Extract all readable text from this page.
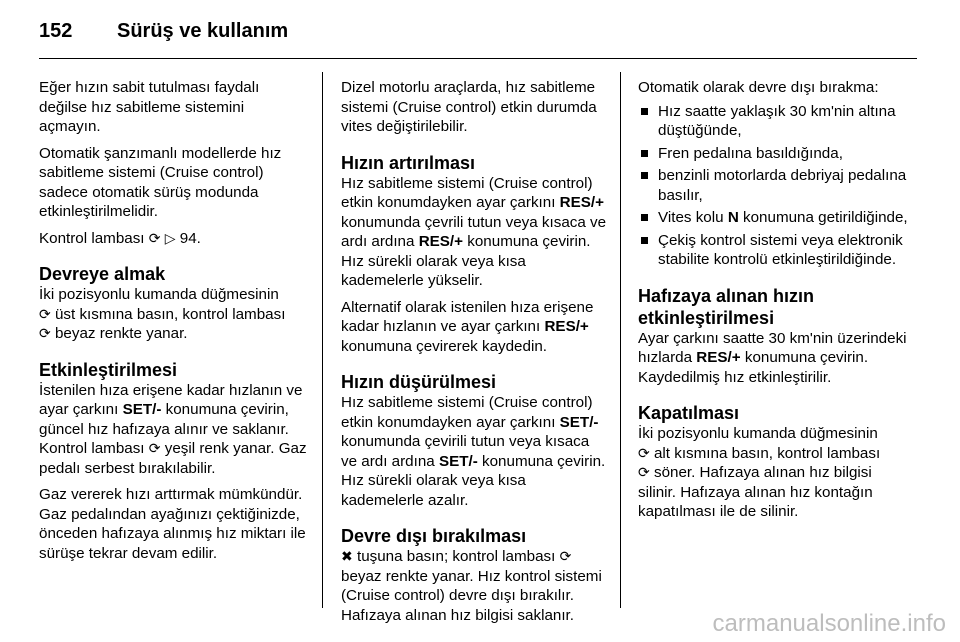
152 Sürüş ve kullanım

Eğer hızın sabit tutulması faydalı değilse hız sabitleme sistemini açmayın.

Otomatik şanzımanlı modellerde hız sabitleme sistemi (Cruise control) sadece otomatik sürüş modunda etkinleştirilmelidir.

Kontrol lambası ⟳ ▷ 94.

Devreye almak

İki pozisyonlu kumanda düğmesinin
⟳ üst kısmına basın, kontrol lambası
⟳ beyaz renkte yanar.

Etkinleştirilmesi

İstenilen hıza erişene kadar hızlanın ve ayar çarkını SET/- konumuna çevirin, güncel hız hafızaya alınır ve saklanır. Kontrol lambası ⟳ yeşil renk yanar. Gaz pedalı serbest bırakılabilir.

Gaz vererek hızı arttırmak mümkündür. Gaz pedalından ayağınızı çektiğinizde, önceden hafızaya alınmış hız miktarı ile sürüşe tekrar devam edilir.

Dizel motorlu araçlarda, hız sabitleme sistemi (Cruise control) etkin durumda vites değiştirilebilir.

Hızın artırılması

Hız sabitleme sistemi (Cruise control) etkin konumdayken ayar çarkını RES/+ konumunda çevrili tutun veya kısaca ve ardı ardına RES/+ konumuna çevirin. Hız sürekli olarak veya kısa kademelerle yükselir.

Alternatif olarak istenilen hıza erişene kadar hızlanın ve ayar çarkını RES/+ konumuna çevirerek kaydedin.

Hızın düşürülmesi

Hız sabitleme sistemi (Cruise control) etkin konumdayken ayar çarkını SET/- konumunda çevirili tutun veya kısaca ve ardı ardına SET/- konumuna çevirin. Hız sürekli olarak veya kısa kademelerle azalır.

Devre dışı bırakılması

✖ tuşuna basın; kontrol lambası ⟳ beyaz renkte yanar. Hız kontrol sistemi (Cruise control) devre dışı bırakılır. Hafızaya alınan hız bilgisi saklanır.

Otomatik olarak devre dışı bırakma:

Hız saatte yaklaşık 30 km'nin altına düştüğünde,
Fren pedalına basıldığında,
benzinli motorlarda debriyaj pedalına basılır,
Vites kolu N konumuna getirildiğinde,
Çekiş kontrol sistemi veya elektronik stabilite kontrolü etkinleştirildiğinde.
Hafızaya alınan hızın etkinleştirilmesi

Ayar çarkını saatte 30 km'nin üzerindeki hızlarda RES/+ konumuna çevirin. Kaydedilmiş hız etkinleştirilir.

Kapatılması

İki pozisyonlu kumanda düğmesinin
⟳ alt kısmına basın, kontrol lambası
⟳ söner. Hafızaya alınan hız bilgisi silinir. Hafızaya alınan hız kontağın kapatılması ile de silinir.

carmanualsonline.info
